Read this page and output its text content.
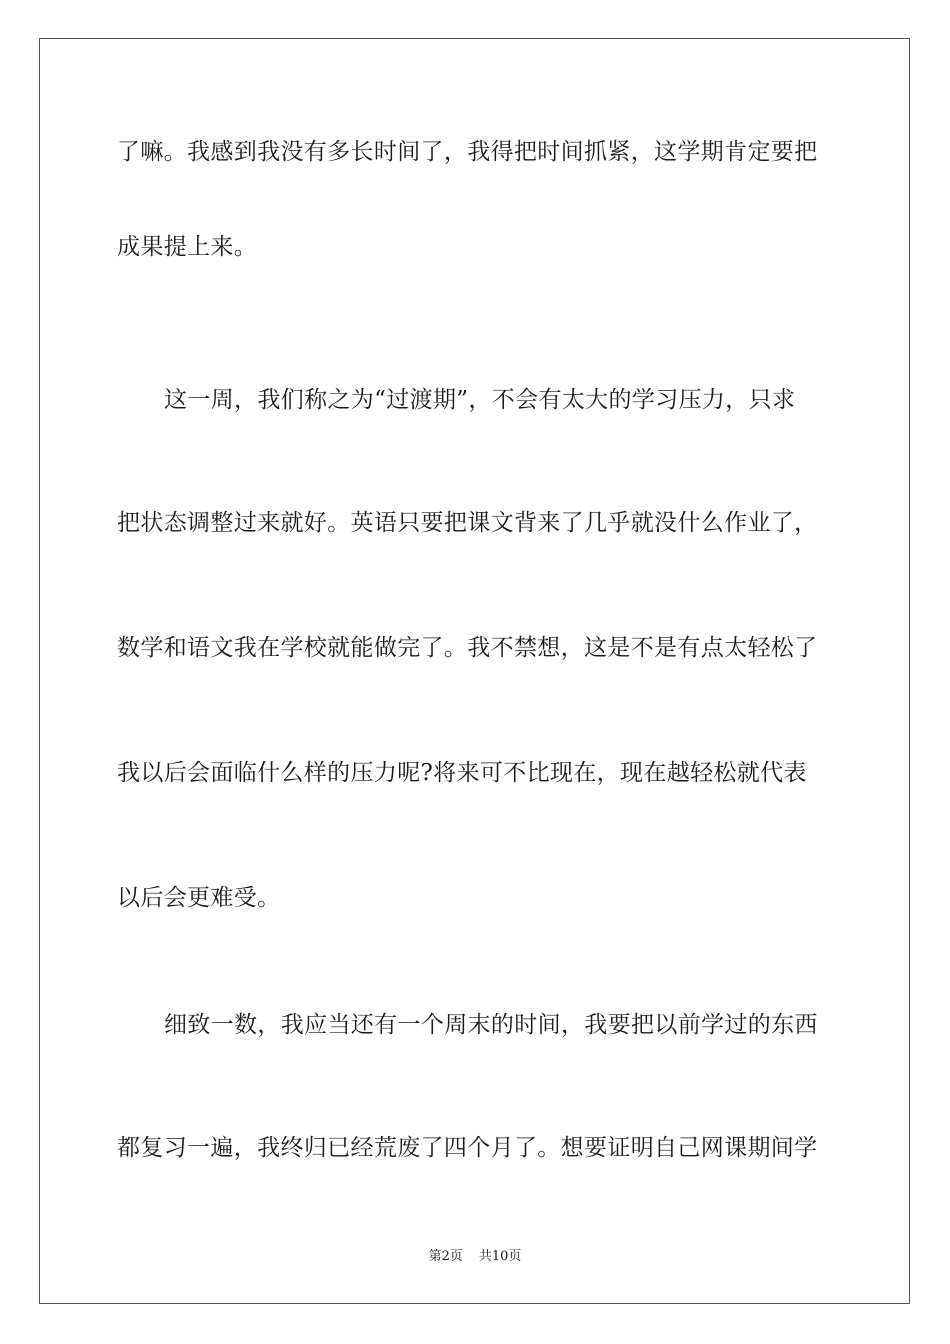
了嘛。我感到我没有多长时间了，我得把时间抓紧，这学期肯定要把
成果提上来。
这一周，我们称之为“过渡期”，不会有太大的学习压力，只求
把状态调整过来就好。英语只要把课文背来了几乎就没什么作业了，
数学和语文我在学校就能做完了。我不禁想，这是不是有点太轻松了
我以后会面临什么样的压力呢?将来可不比现在，现在越轻松就代表
以后会更难受。
细致一数，我应当还有一个周末的时间，我要把以前学过的东西
都复习一遍，我终归已经荒废了四个月了。想要证明自己网课期间学
第2页 共10页
